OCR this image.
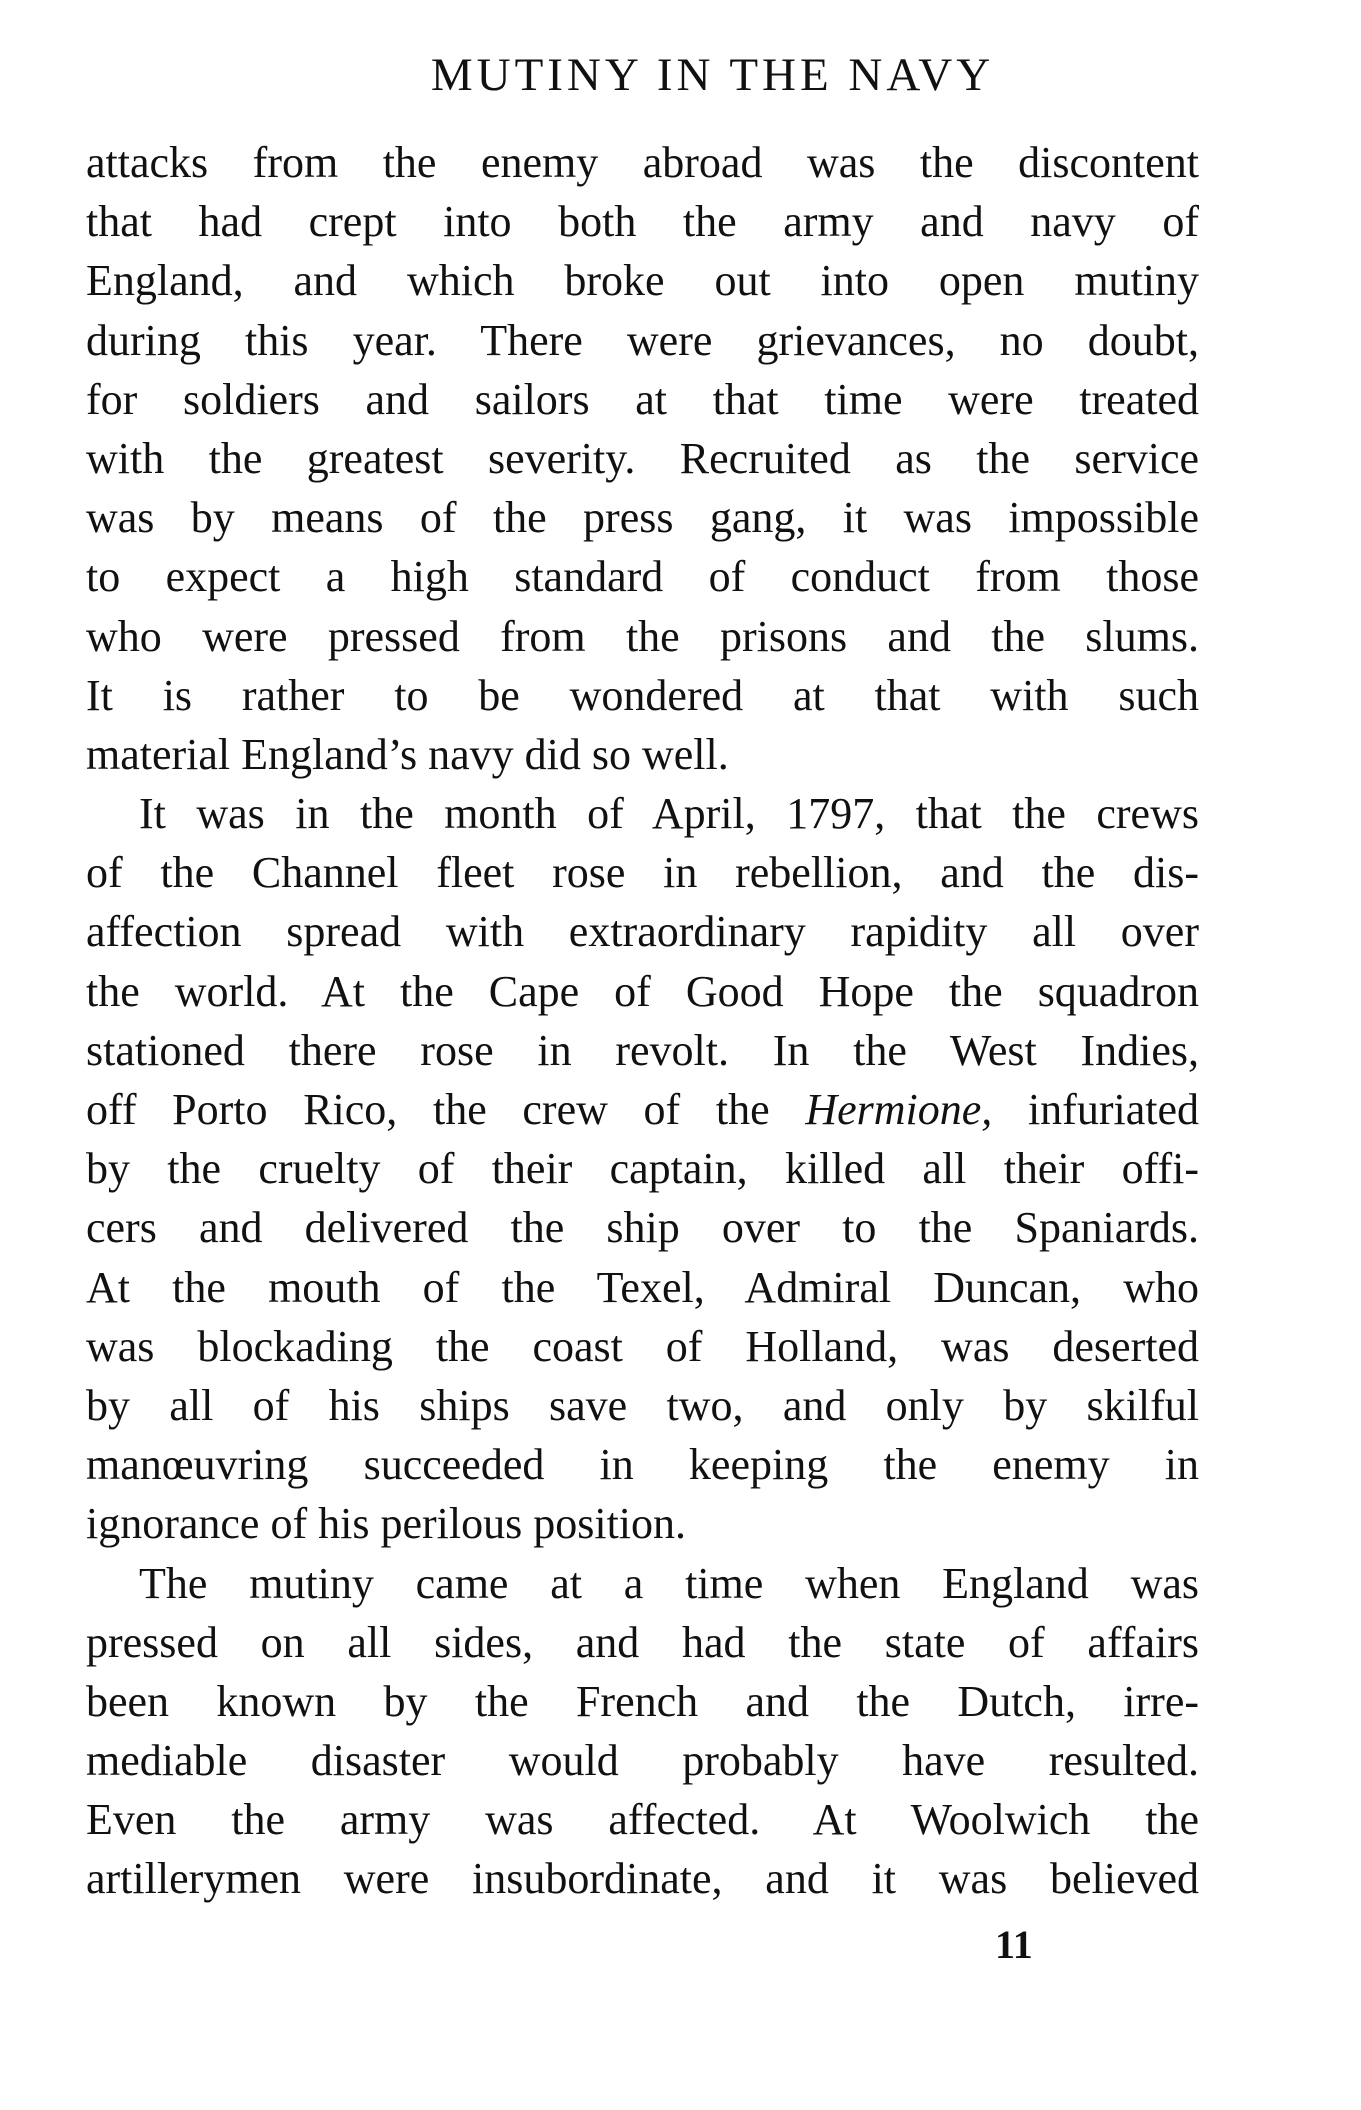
MUTINY IN THE NAVY
attacks from the enemy abroad was the discontent
that had crept into both the army and navy of
England, and which broke out into open mutiny
during this year. There were grievances, no doubt,
for soldiers and sailors at that time were treated
with the greatest severity. Recruited as the service
was by means of the press gang, it was impossible
to expect a high standard of conduct from those
who were pressed from the prisons and the slums.
It is rather to be wondered at that with such
material England’s navy did so well.
It was in the month of April, 1797, that the crews
of the Channel fleet rose in rebellion, and the dis-
affection spread with extraordinary rapidity all over
the world. At the Cape of Good Hope the squadron
stationed there rose in revolt. In the West Indies,
off Porto Rico, the crew of the Hermione, infuriated
by the cruelty of their captain, killed all their offi-
cers and delivered the ship over to the Spaniards.
At the mouth of the Texel, Admiral Duncan, who
was blockading the coast of Holland, was deserted
by all of his ships save two, and only by skilful
manœuvring succeeded in keeping the enemy in
ignorance of his perilous position.
The mutiny came at a time when England was
pressed on all sides, and had the state of affairs
been known by the French and the Dutch, irre-
mediable disaster would probably have resulted.
Even the army was affected. At Woolwich the
artillerymen were insubordinate, and it was believed
11
